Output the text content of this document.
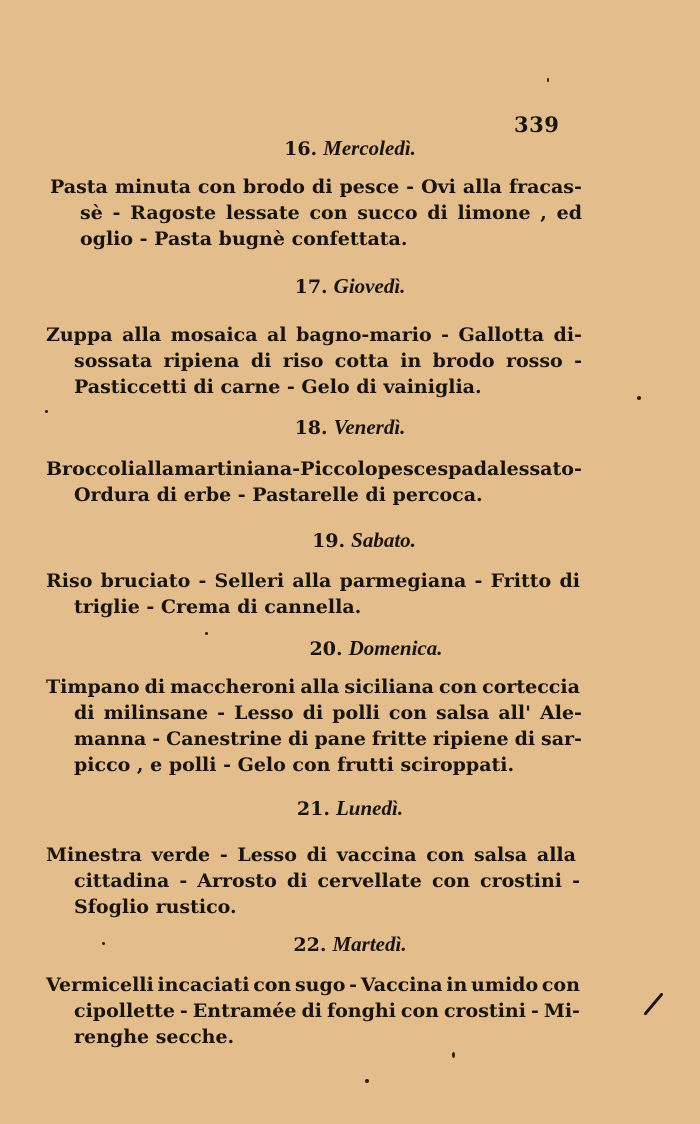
339
16. Mercoledì.
Pasta minuta con brodo di pesce - Ovi alla fracas-
sè - Ragoste lessate con succo di limone , ed
oglio - Pasta bugnè confettata.
17. Giovedì.
Zuppa alla mosaica al bagno-mario - Gallotta di-
sossata ripiena di riso cotta in brodo rosso -
Pasticcetti di carne - Gelo di vainiglia.
18. Venerdì.
Broccoli alla martiniana - Piccolo pesce spada lessato -
Ordura di erbe - Pastarelle di percoca.
19. Sabato.
Riso bruciato - Selleri alla parmegiana - Fritto di
triglie - Crema di cannella.
20. Domenica.
Timpano di maccheroni alla siciliana con corteccia
di milinsane - Lesso di polli con salsa all' Ale-
manna - Canestrine di pane fritte ripiene di sar-
picco , e polli - Gelo con frutti sciroppati.
21. Lunedì.
Minestra verde - Lesso di vaccina con salsa alla
cittadina - Arrosto di cervellate con crostini -
Sfoglio rustico.
22. Martedì.
Vermicelli incaciati con sugo - Vaccina in umido con
cipollette - Entramée di fonghi con crostini - Mi-
renghe secche.
